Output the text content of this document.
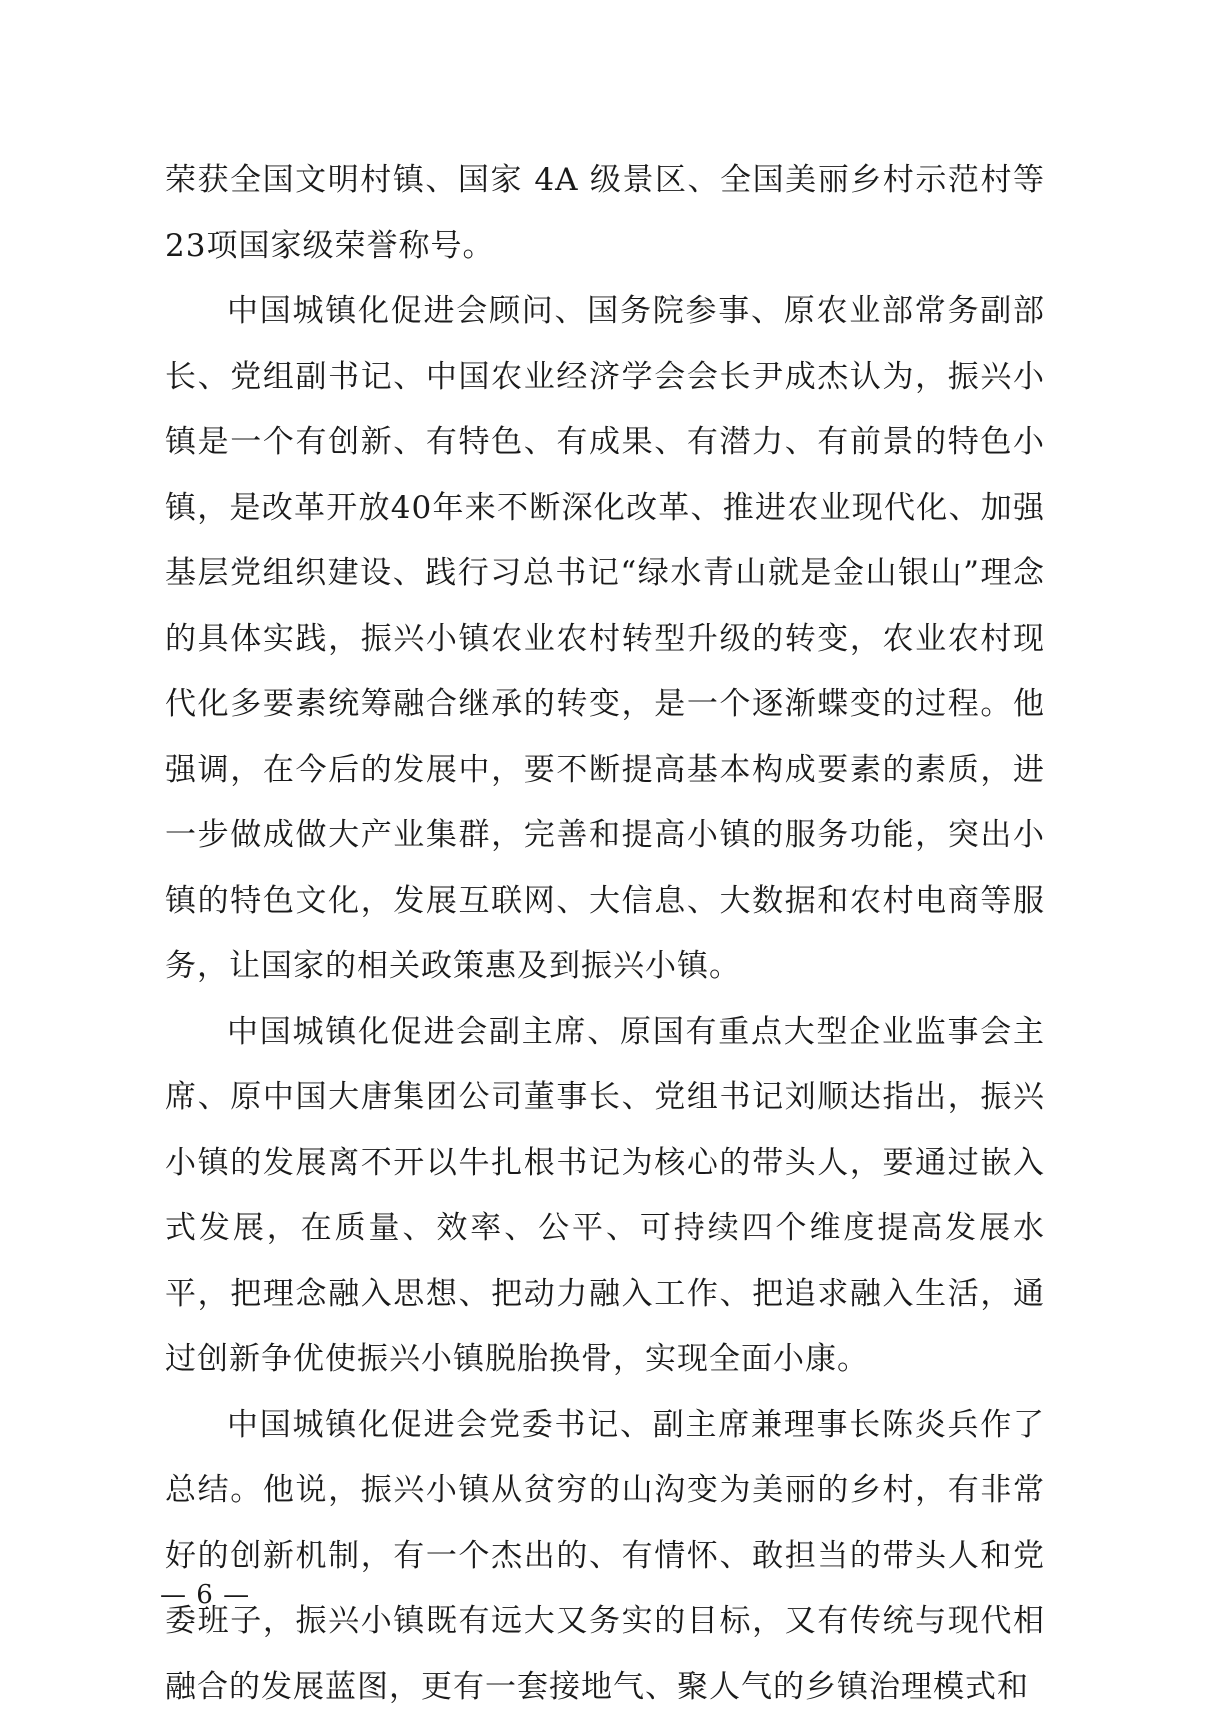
荣获全国文明村镇、国家 4A 级景区、全国美丽乡村示范村等23项国家级荣誉称号。

中国城镇化促进会顾问、国务院参事、原农业部常务副部长、党组副书记、中国农业经济学会会长尹成杰认为，振兴小镇是一个有创新、有特色、有成果、有潜力、有前景的特色小镇，是改革开放40年来不断深化改革、推进农业现代化、加强基层党组织建设、践行习总书记“绿水青山就是金山银山”理念的具体实践，振兴小镇农业农村转型升级的转变，农业农村现代化多要素统筹融合继承的转变，是一个逐渐蝶变的过程。他强调，在今后的发展中，要不断提高基本构成要素的素质，进一步做成做大产业集群，完善和提高小镇的服务功能，突出小镇的特色文化，发展互联网、大信息、大数据和农村电商等服务，让国家的相关政策惠及到振兴小镇。

中国城镇化促进会副主席、原国有重点大型企业监事会主席、原中国大唐集团公司董事长、党组书记刘顺达指出，振兴小镇的发展离不开以牛扎根书记为核心的带头人，要通过嵌入式发展，在质量、效率、公平、可持续四个维度提高发展水平，把理念融入思想、把动力融入工作、把追求融入生活，通过创新争优使振兴小镇脱胎换骨，实现全面小康。

中国城镇化促进会党委书记、副主席兼理事长陈炎兵作了总结。他说，振兴小镇从贫穷的山沟变为美丽的乡村，有非常好的创新机制，有一个杰出的、有情怀、敢担当的带头人和党委班子，振兴小镇既有远大又务实的目标，又有传统与现代相融合的发展蓝图，更有一套接地气、聚人气的乡镇治理模式和

— 6 —
